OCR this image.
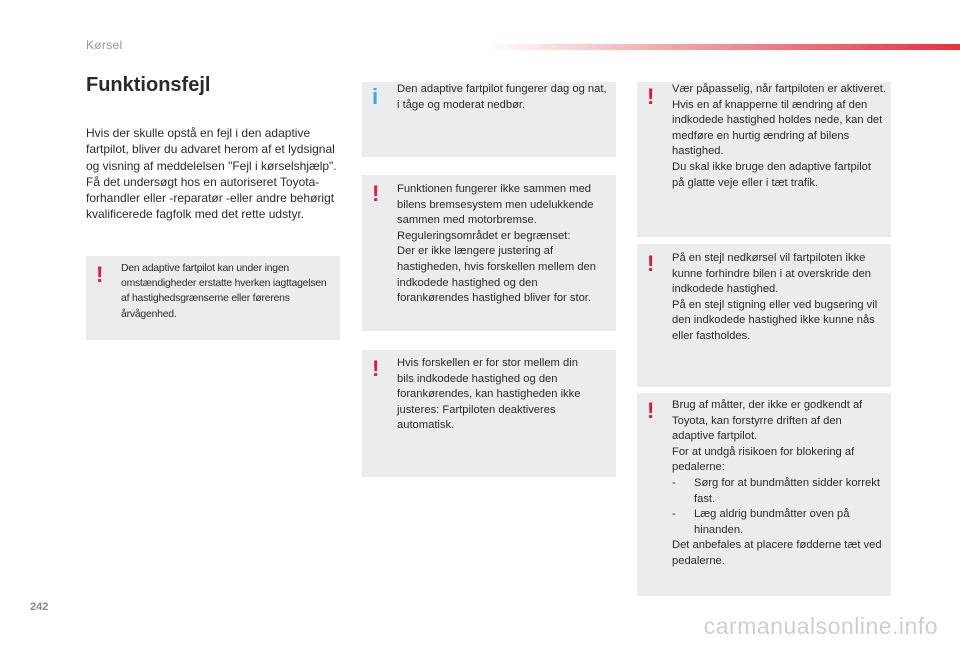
Kørsel
Funktionsfejl

Hvis der skulle opstå en fejl i den adaptive fartpilot, bliver du advaret herom af et lydsignal og visning af meddelelsen "Fejl i kørselshjælp". Få det undersøgt hos en autoriseret Toyota-forhandler eller -reparatør -eller andre behørigt kvalificerede fagfolk med det rette udstyr.

! Den adaptive fartpilot kan under ingen omstændigheder erstatte hverken iagttagelsen af hastighedsgrænserne eller førerens årvågenhed.
i Den adaptive fartpilot fungerer dag og nat, i tåge og moderat nedbør.
! Funktionen fungerer ikke sammen med bilens bremsesystem men udelukkende sammen med motorbremse.

Reguleringsområdet er begrænset:

Der er ikke længere justering af hastigheden, hvis forskellen mellem den indkodede hastighed og den forankørendes hastighed bliver for stor.

! Hvis forskellen er for stor mellem din bils indkodede hastighed og den forankørendes, kan hastigheden ikke justeres: Fartpiloten deaktiveres automatisk.
! Vær påpasselig, når fartpiloten er aktiveret. Hvis en af knapperne til ændring af den indkodede hastighed holdes nede, kan det medføre en hurtig ændring af bilens hastighed.

Du skal ikke bruge den adaptive fartpilot på glatte veje eller i tæt trafik.

! På en stejl nedkørsel vil fartpiloten ikke kunne forhindre bilen i at overskride den indkodede hastighed.

På en stejl stigning eller ved bugsering vil den indkodede hastighed ikke kunne nås eller fastholdes.

! Brug af måtter, der ikke er godkendt af Toyota, kan forstyrre driften af den adaptive fartpilot.

For at undgå risikoen for blokering af pedalerne:

-	Sørg for at bundmåtten sidder korrekt fast.
-	Læg aldrig bundmåtter oven på hinanden.

Det anbefales at placere fødderne tæt ved pedalerne.

242
carmanualsonline.info
